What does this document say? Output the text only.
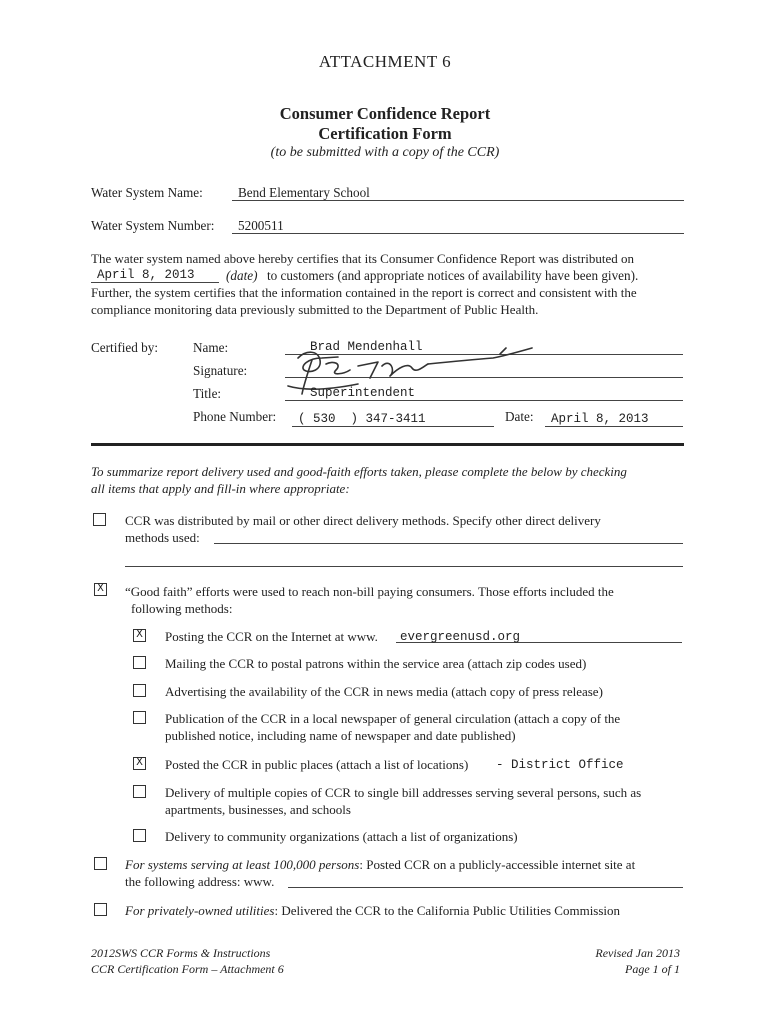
ATTACHMENT 6
Consumer Confidence Report
Certification Form
(to be submitted with a copy of the CCR)
Water System Name:	Bend Elementary School
Water System Number: 5200511
The water system named above hereby certifies that its Consumer Confidence Report was distributed on
April 8, 2013 (date) to customers (and appropriate notices of availability have been given).
Further, the system certifies that the information contained in the report is correct and consistent with the
compliance monitoring data previously submitted to the Department of Public Health.
Certified by:	Name:	Brad Mendenhall
Signature:
Title:	Superintendent
Phone Number: ( 530  ) 347-3411	Date: April 8, 2013
To summarize report delivery used and good-faith efforts taken, please complete the below by checking
all items that apply and fill-in where appropriate:
CCR was distributed by mail or other direct delivery methods. Specify other direct delivery
methods used:
X “Good faith” efforts were used to reach non-bill paying consumers. Those efforts included the
following methods:
X Posting the CCR on the Internet at www. evergreenusd.org
Mailing the CCR to postal patrons within the service area (attach zip codes used)
Advertising the availability of the CCR in news media (attach copy of press release)
Publication of the CCR in a local newspaper of general circulation (attach a copy of the
published notice, including name of newspaper and date published)
X Posted the CCR in public places (attach a list of locations) - District Office
Delivery of multiple copies of CCR to single bill addresses serving several persons, such as
apartments, businesses, and schools
Delivery to community organizations (attach a list of organizations)
For systems serving at least 100,000 persons: Posted CCR on a publicly-accessible internet site at
the following address: www.
For privately-owned utilities: Delivered the CCR to the California Public Utilities Commission
2012SWS CCR Forms & Instructions
CCR Certification Form – Attachment 6
Revised Jan 2013
Page 1 of 1
